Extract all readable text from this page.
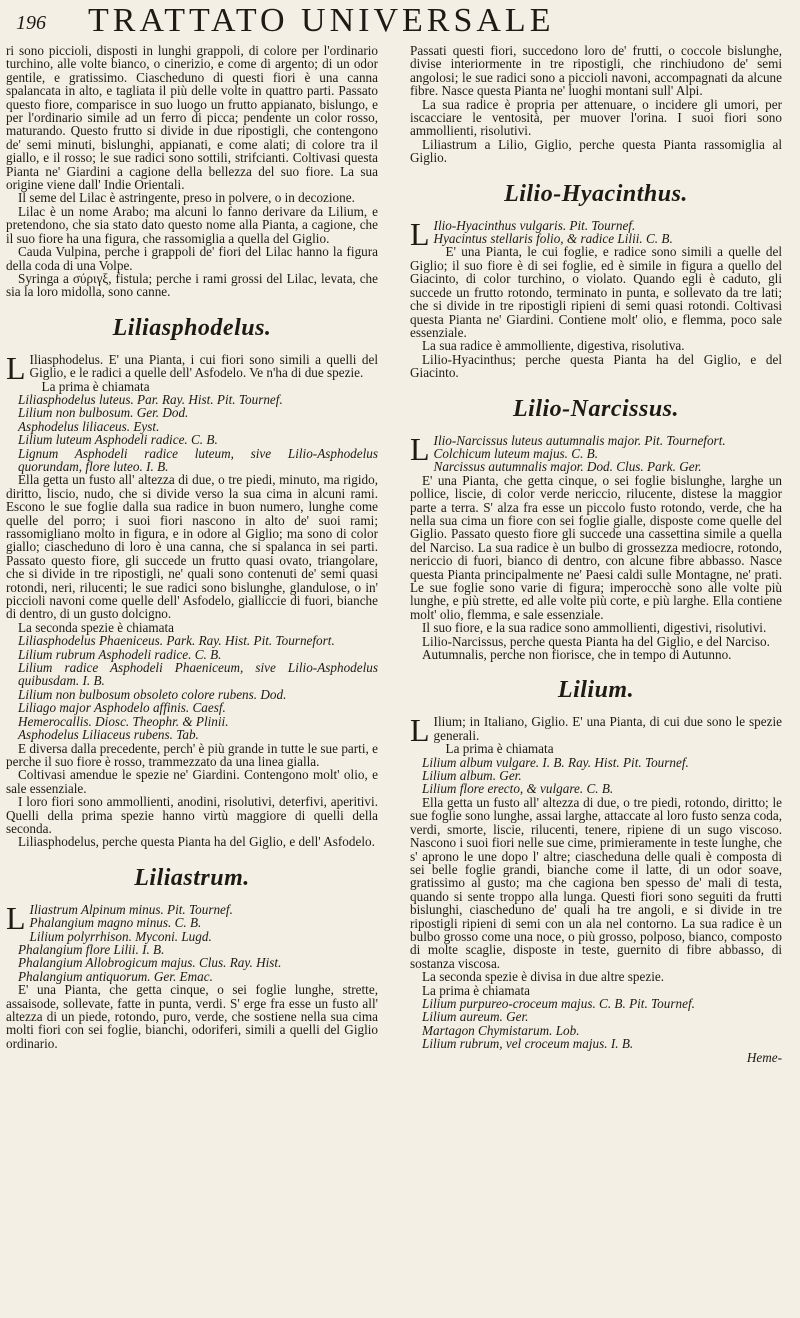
196 TRATTATO UNIVERSALE

ri sono piccioli, disposti in lunghi grappoli, di colore per l'ordinario turchino, alle volte bianco, o cinerizio, e come di argento; di un odor gentile, e gratissimo. Ciascheduno di questi fiori è una canna spalancata in alto, e tagliata il più delle volte in quattro parti. Passato questo fiore, comparisce in suo luogo un frutto appianato, bislungo, e per l'ordinario simile ad un ferro di picca; pendente un color rosso, maturando. Questo frutto si divide in due ripostigli, che contengono de' semi minuti, bislunghi, appianati, e come alati; di colore tra il giallo, e il rosso; le sue radici sono sottili, strifcianti. Coltivasi questa Pianta ne' Giardini a cagione della bellezza del suo fiore. La sua origine viene dall' Indie Orientali.

Il seme del Lilac è astringente, preso in polvere, o in decozione.

Lilac è un nome Arabo; ma alcuni lo fanno derivare da Lilium, e pretendono, che sia stato dato questo nome alla Pianta, a cagione, che il suo fiore ha una figura, che rassomiglia a quella del Giglio.

Cauda Vulpina, perche i grappoli de' fiori del Lilac hanno la figura della coda di una Volpe.

Syringa a σύριγξ, fistula; perche i rami grossi del Lilac, levata, che sia la loro midolla, sono canne.

Liliasphodelus.

L Iliasphodelus. E' una Pianta, i cui fiori sono simili a quelli del Giglio, e le radici a quelle dell' Asfodelo. Ve n'ha di due spezie.

La prima è chiamata

Liliasphodelus luteus. Par. Ray. Hist. Pit. Tournef.

Lilium non bulbosum. Ger. Dod.

Asphodelus liliaceus. Eyst.

Lilium luteum Asphodeli radice. C. B.

Lignum Asphodeli radice luteum, sive Lilio-Asphodelus quorundam, flore luteo. I. B.

Ella getta un fusto all' altezza di due, o tre piedi, minuto, ma rigido, diritto, liscio, nudo, che si divide verso la sua cima in alcuni rami. Escono le sue foglie dalla sua radice in buon numero, lunghe come quelle del porro; i suoi fiori nascono in alto de' suoi rami; rassomigliano molto in figura, e in odore al Giglio; ma sono di color giallo; ciascheduno di loro è una canna, che si spalanca in sei parti. Passato questo fiore, gli succede un frutto quasi ovato, triangolare, che si divide in tre ripostigli, ne' quali sono contenuti de' semi quasi rotondi, neri, rilucenti; le sue radici sono bislunghe, glandulose, o in' piccioli navoni come quelle dell' Asfodelo, gialliccie di fuori, bianche di dentro, di un gusto dolcigno.

La seconda spezie è chiamata

Liliasphodelus Phaeniceus. Park. Ray. Hist. Pit. Tournefort.

Lilium rubrum Asphodeli radice. C. B.

Lilium radice Asphodeli Phaeniceum, sive Lilio-Asphodelus quibusdam. I. B.

Lilium non bulbosum obsoleto colore rubens. Dod.

Liliago major Asphodelo affinis. Caesf.

Hemerocallis. Diosc. Theophr. & Plinii.

Asphodelus Liliaceus rubens. Tab.

E diversa dalla precedente, perch' è più grande in tutte le sue parti, e perche il suo fiore è rosso, trammezzato da una linea gialla.

Coltivasi amendue le spezie ne' Giardini. Contengono molt' olio, e sale essenziale.

I loro fiori sono ammollienti, anodini, risolutivi, deterfivi, aperitivi. Quelli della prima spezie hanno virtù maggiore di quelli della seconda.

Liliasphodelus, perche questa Pianta ha del Giglio, e dell' Asfodelo.

Liliastrum.

L Iliastrum Alpinum minus. Pit. Tournef.

Phalangium magno minus. C. B.

Lilium polyrrhison. Myconi. Lugd.

Phalangium flore Lilii. I. B.

Phalangium Allobrogicum majus. Clus. Ray. Hist.

Phalangium antiquorum. Ger. Emac.

E' una Pianta, che getta cinque, o sei foglie lunghe, strette, assaisode, sollevate, fatte in punta, verdi. S' erge fra esse un fusto all' altezza di un piede, rotondo, puro, verde, che sostiene nella sua cima molti fiori con sei foglie, bianchi, odoriferi, simili a quelli del Giglio ordinario.

Passati questi fiori, succedono loro de' frutti, o coccole bislunghe, divise interiormente in tre ripostigli, che rinchiudono de' semi angolosi; le sue radici sono a piccioli navoni, accompagnati da alcune fibre. Nasce questa Pianta ne' luoghi montani sull' Alpi.

La sua radice è propria per attenuare, o incidere gli umori, per iscacciare le ventosità, per muover l'orina. I suoi fiori sono ammollienti, risolutivi.

Liliastrum a Lilio, Giglio, perche questa Pianta rassomiglia al Giglio.

Lilio-Hyacinthus.

L Ilio-Hyacinthus vulgaris. Pit. Tournef.

Hyacintus stellaris folio, & radice Lilii. C. B.

E' una Pianta, le cui foglie, e radice sono simili a quelle del Giglio; il suo fiore è di sei foglie, ed è simile in figura a quello del Giacinto, di color turchino, o violato. Quando egli è caduto, gli succede un frutto rotondo, terminato in punta, e sollevato da tre lati; che si divide in tre ripostigli ripieni di semi quasi rotondi. Coltivasi questa Pianta ne' Giardini. Contiene molt' olio, e flemma, poco sale essenziale.

La sua radice è ammolliente, digestiva, risolutiva.

Lilio-Hyacinthus; perche questa Pianta ha del Giglio, e del Giacinto.

Lilio-Narcissus.

L Ilio-Narcissus luteus autumnalis major. Pit. Tournefort.

Colchicum luteum majus. C. B.

Narcissus autumnalis major. Dod. Clus. Park. Ger.

E' una Pianta, che getta cinque, o sei foglie bislunghe, larghe un pollice, liscie, di color verde nericcio, rilucente, distese la maggior parte a terra. S' alza fra esse un piccolo fusto rotondo, verde, che ha nella sua cima un fiore con sei foglie gialle, disposte come quelle del Giglio. Passato questo fiore gli succede una cassettina simile a quella del Narciso. La sua radice è un bulbo di grossezza mediocre, rotondo, nericcio di fuori, bianco di dentro, con alcune fibre abbasso. Nasce questa Pianta principalmente ne' Paesi caldi sulle Montagne, ne' prati. Le sue foglie sono varie di figura; imperocchè sono alle volte più lunghe, e più strette, ed alle volte più corte, e più larghe. Ella contiene molt' olio, flemma, e sale essenziale.

Il suo fiore, e la sua radice sono ammollienti, digestivi, risolutivi.

Lilio-Narcissus, perche questa Pianta ha del Giglio, e del Narciso.

Autumnalis, perche non fiorisce, che in tempo di Autunno.

Lilium.

L Ilium; in Italiano, Giglio. E' una Pianta, di cui due sono le spezie generali.

La prima è chiamata

Lilium album vulgare. I. B. Ray. Hist. Pit. Tournef.

Lilium album. Ger.

Lilium flore erecto, & vulgare. C. B.

Ella getta un fusto all' altezza di due, o tre piedi, rotondo, diritto; le sue foglie sono lunghe, assai larghe, attaccate al loro fusto senza coda, verdi, smorte, liscie, rilucenti, tenere, ripiene di un sugo viscoso. Nascono i suoi fiori nelle sue cime, primieramente in teste lunghe, che s' aprono le une dopo l' altre; ciascheduna delle quali è composta di sei belle foglie grandi, bianche come il latte, di un odor soave, gratissimo al gusto; ma che cagiona ben spesso de' mali di testa, quando si sente troppo alla lunga. Questi fiori sono seguiti da frutti bislunghi, ciascheduno de' quali ha tre angoli, e si divide in tre ripostigli ripieni di semi con un ala nel contorno. La sua radice è un bulbo grosso come una noce, o più grosso, polposo, bianco, composto di molte scaglie, disposte in teste, guernito di fibre abbasso, di sostanza viscosa.

La seconda spezie è divisa in due altre spezie.

La prima è chiamata

Lilium purpureo-croceum majus. C. B. Pit. Tournef.

Lilium aureum. Ger.

Martagon Chymistarum. Lob.

Lilium rubrum, vel croceum majus. I. B.

Heme-
